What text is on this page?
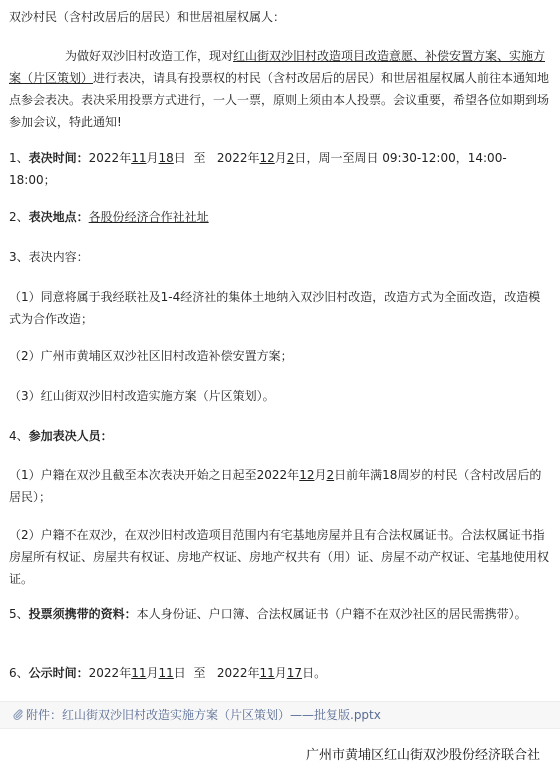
双沙村民（含村改居后的居民）和世居祖屋权属人：
为做好双沙旧村改造工作，现对红山街双沙旧村改造项目改造意愿、补偿安置方案、实施方案（片区策划）进行表决，请具有投票权的村民（含村改居后的居民）和世居祖屋权属人前往本通知地点参会表决。表决采用投票方式进行，一人一票，原则上须由本人投票。会议重要，希望各位如期到场参加会议，特此通知!
1、表决时间：2022年11月18日 至 2022年12月2日，周一至周日 09:30-12:00，14:00-18:00；
2、表决地点：各股份经济合作社社址
3、表决内容：
（1）同意将属于我经联社及1-4经济社的集体土地纳入双沙旧村改造，改造方式为全面改造，改造模式为合作改造；
（2）广州市黄埔区双沙社区旧村改造补偿安置方案；
（3）红山街双沙旧村改造实施方案（片区策划）。
4、参加表决人员：
（1）户籍在双沙且截至本次表决开始之日起至2022年12月2日前年满18周岁的村民（含村改居后的居民）；
（2）户籍不在双沙，在双沙旧村改造项目范围内有宅基地房屋并且有合法权属证书。合法权属证书指房屋所有权证、房屋共有权证、房地产权证、房地产权共有（用）证、房屋不动产权证、宅基地使用权证。
5、投票须携带的资料：本人身份证、户口簿、合法权属证书（户籍不在双沙社区的居民需携带）。
6、公示时间：2022年11月11日 至 2022年11月17日。
附件：红山街双沙旧村改造实施方案（片区策划）——批复版.pptx
广州市黄埔区红山街双沙股份经济联合社
